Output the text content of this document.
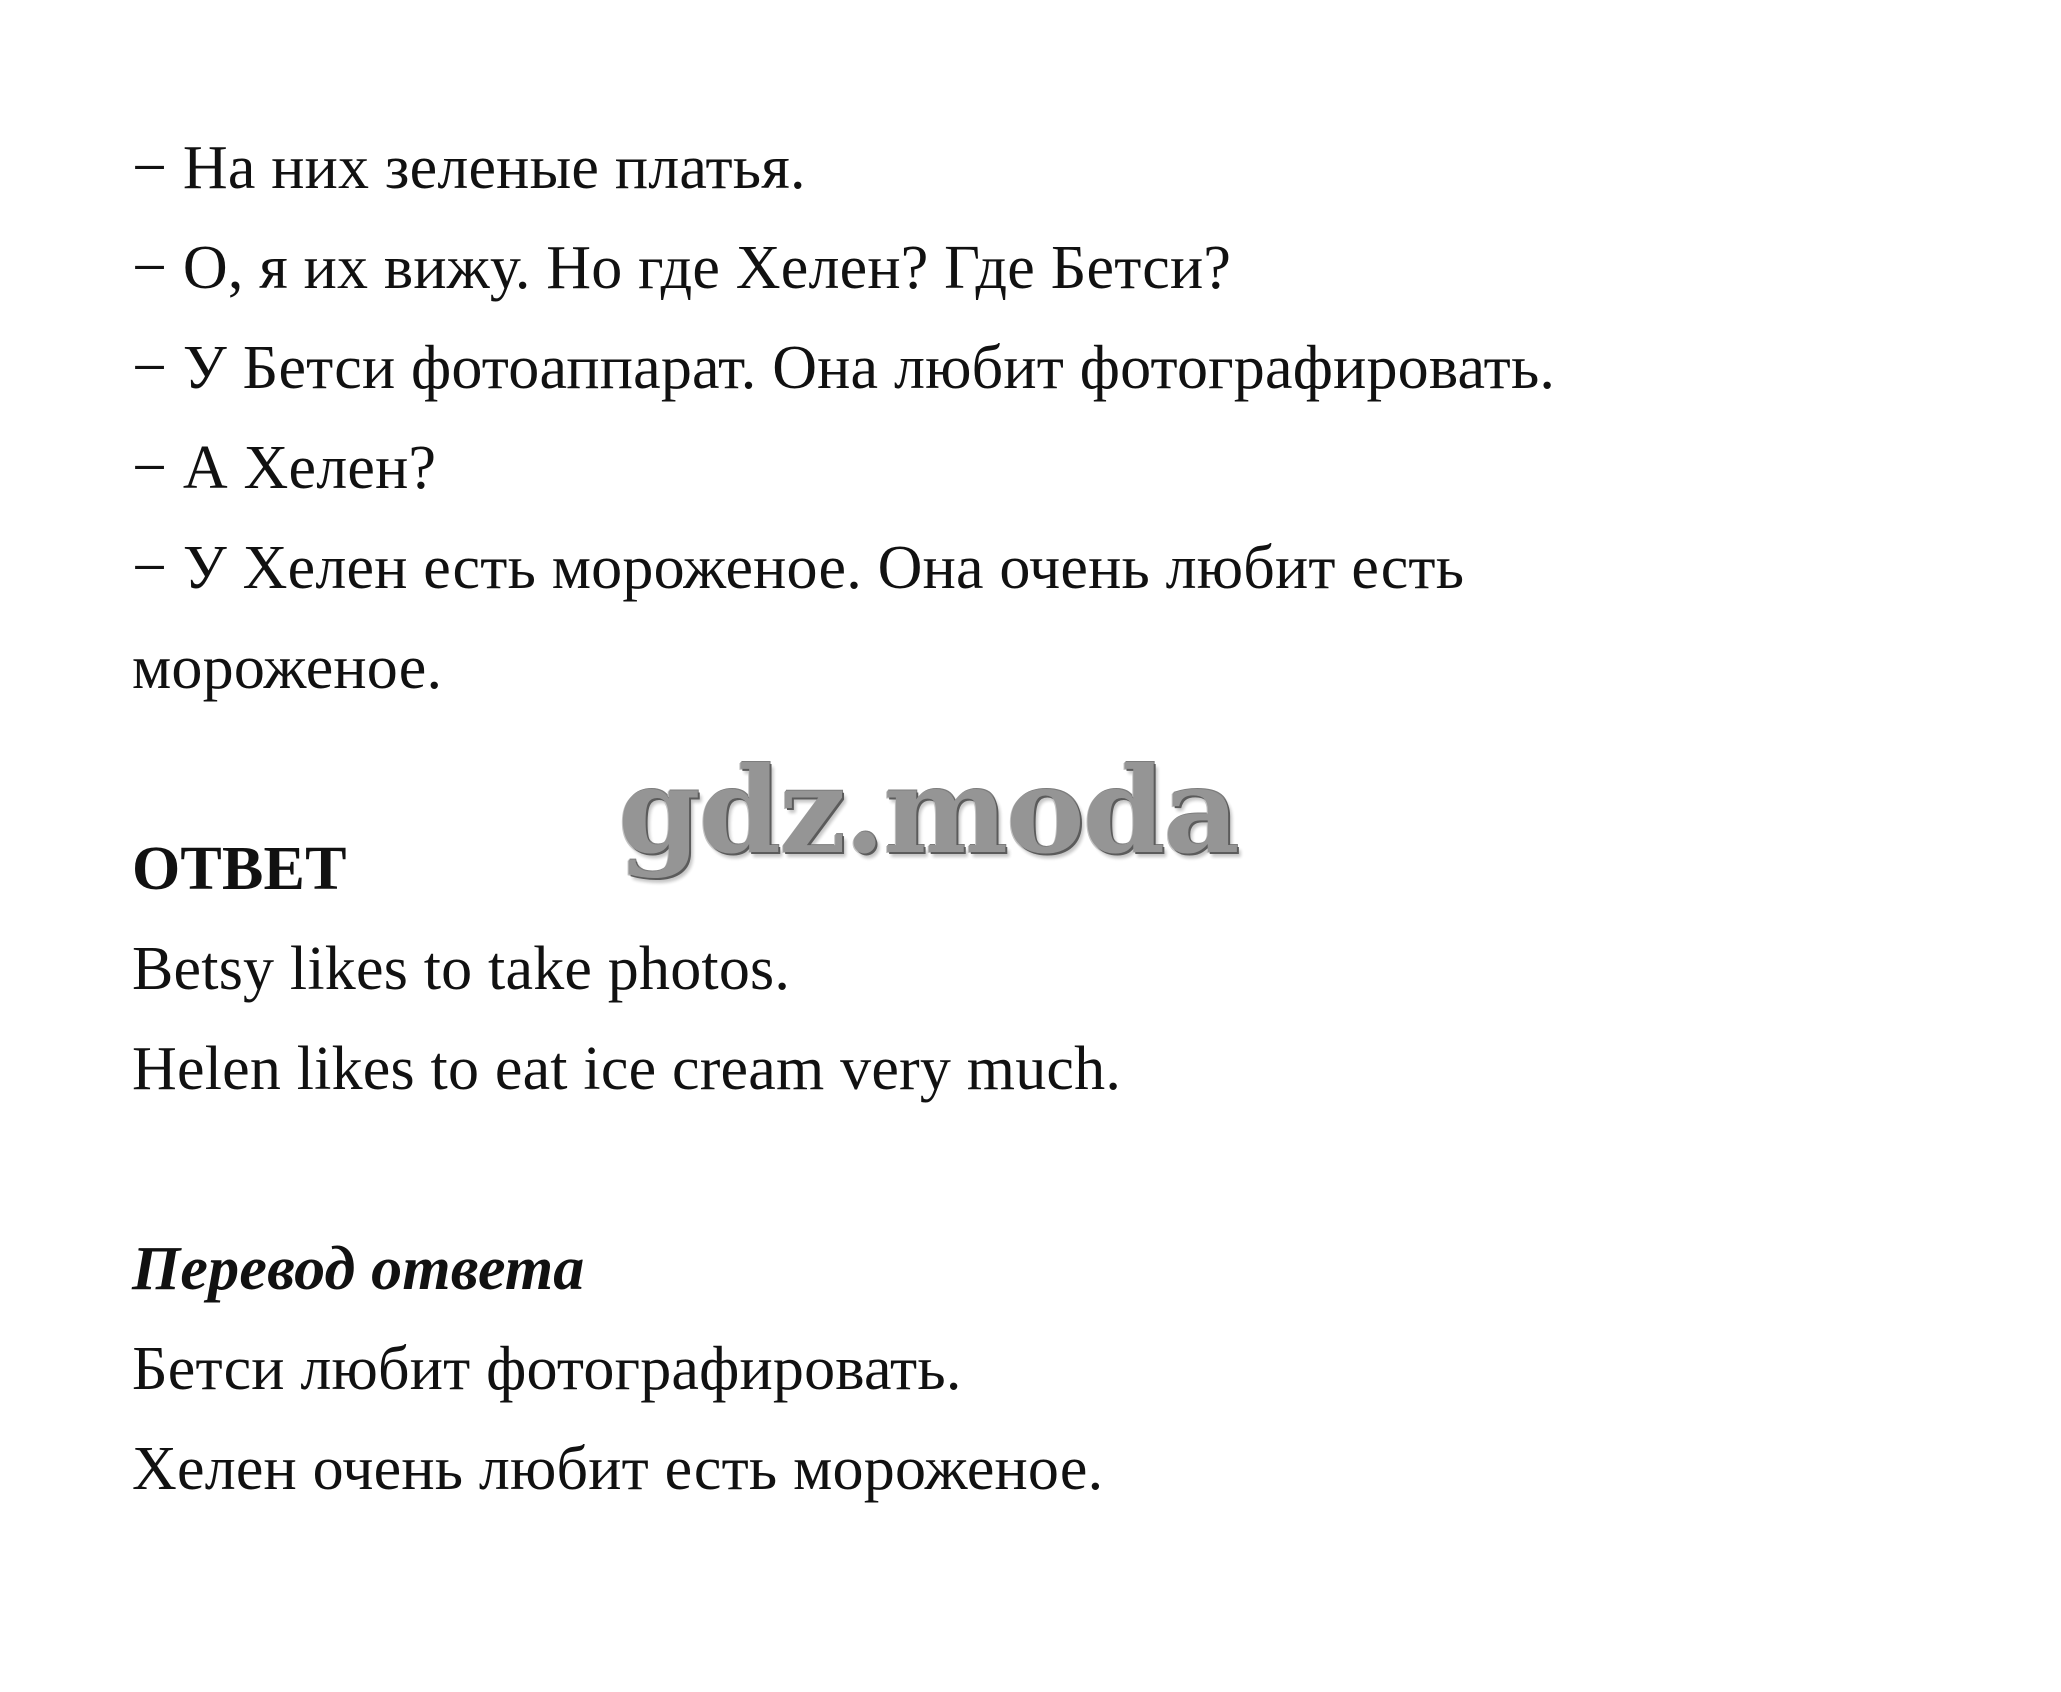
− На них зеленые платья.
− О, я их вижу. Но где Хелен? Где Бетси?
− У Бетси фотоаппарат. Она любит фотографировать.
− А Хелен?
− У Хелен есть мороженое. Она очень любит есть
мороженое.
gdz.moda
ОТВЕТ
Betsy likes to take photos.
Helen likes to eat ice cream very much.
Перевод ответа
Бетси любит фотографировать.
Хелен очень любит есть мороженое.
